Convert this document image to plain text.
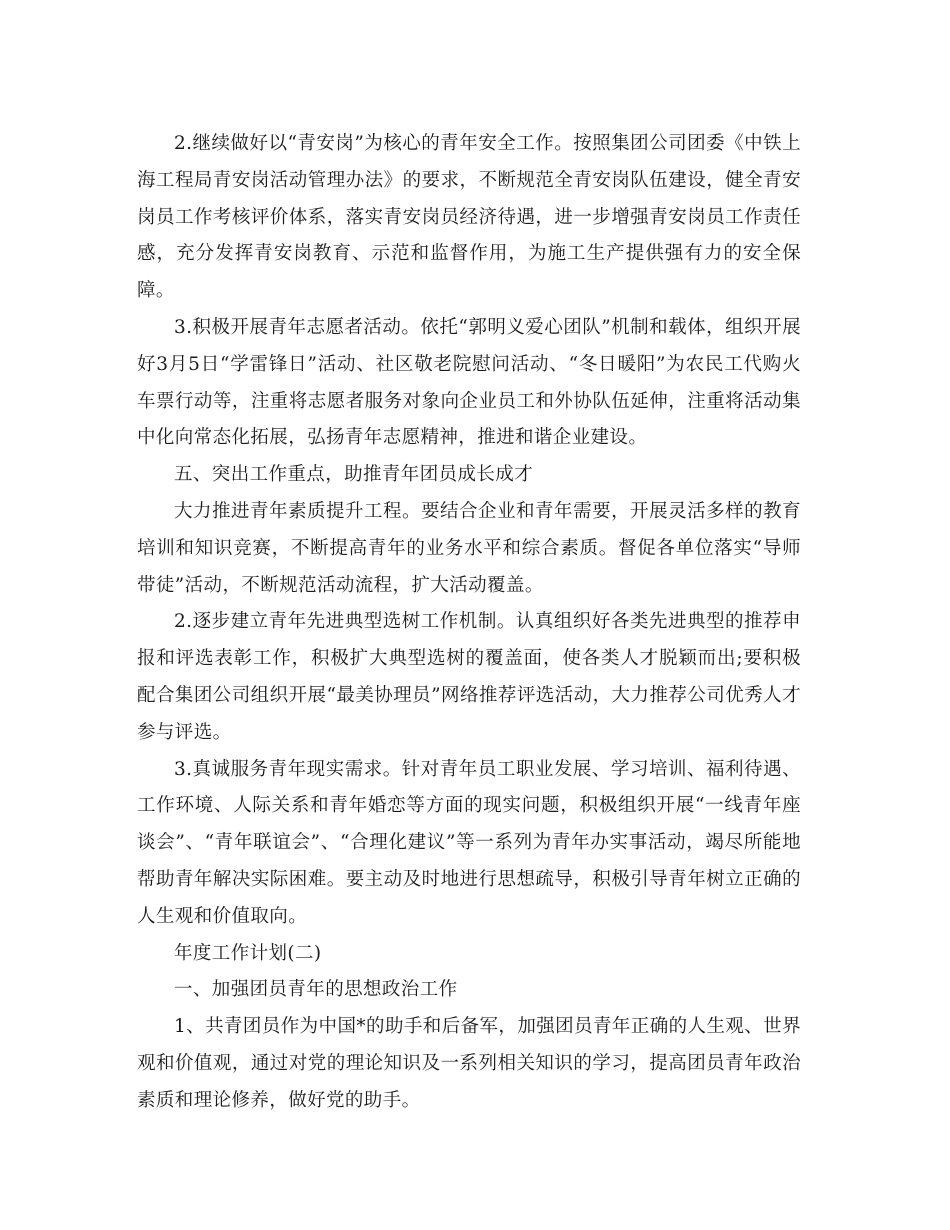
2.继续做好以“青安岗”为核心的青年安全工作。按照集团公司团委《中铁上海工程局青安岗活动管理办法》的要求，不断规范全青安岗队伍建设，健全青安岗员工作考核评价体系，落实青安岗员经济待遇，进一步增强青安岗员工作责任感，充分发挥青安岗教育、示范和监督作用，为施工生产提供强有力的安全保障。

3.积极开展青年志愿者活动。依托“郭明义爱心团队”机制和载体，组织开展好3月5日“学雷锋日”活动、社区敬老院慰问活动、“冬日暖阳”为农民工代购火车票行动等，注重将志愿者服务对象向企业员工和外协队伍延伸，注重将活动集中化向常态化拓展，弘扬青年志愿精神，推进和谐企业建设。

五、突出工作重点，助推青年团员成长成才

大力推进青年素质提升工程。要结合企业和青年需要，开展灵活多样的教育培训和知识竞赛，不断提高青年的业务水平和综合素质。督促各单位落实“导师带徒”活动，不断规范活动流程，扩大活动覆盖。

2.逐步建立青年先进典型选树工作机制。认真组织好各类先进典型的推荐申报和评选表彰工作，积极扩大典型选树的覆盖面，使各类人才脱颖而出;要积极配合集团公司组织开展“最美协理员”网络推荐评选活动，大力推荐公司优秀人才参与评选。

3.真诚服务青年现实需求。针对青年员工职业发展、学习培训、福利待遇、工作环境、人际关系和青年婚恋等方面的现实问题，积极组织开展“一线青年座谈会”、“青年联谊会”、“合理化建议”等一系列为青年办实事活动，竭尽所能地帮助青年解决实际困难。要主动及时地进行思想疏导，积极引导青年树立正确的人生观和价值取向。

年度工作计划(二)

一、加强团员青年的思想政治工作

1、共青团员作为中国*的助手和后备军，加强团员青年正确的人生观、世界观和价值观，通过对党的理论知识及一系列相关知识的学习，提高团员青年政治素质和理论修养，做好党的助手。
